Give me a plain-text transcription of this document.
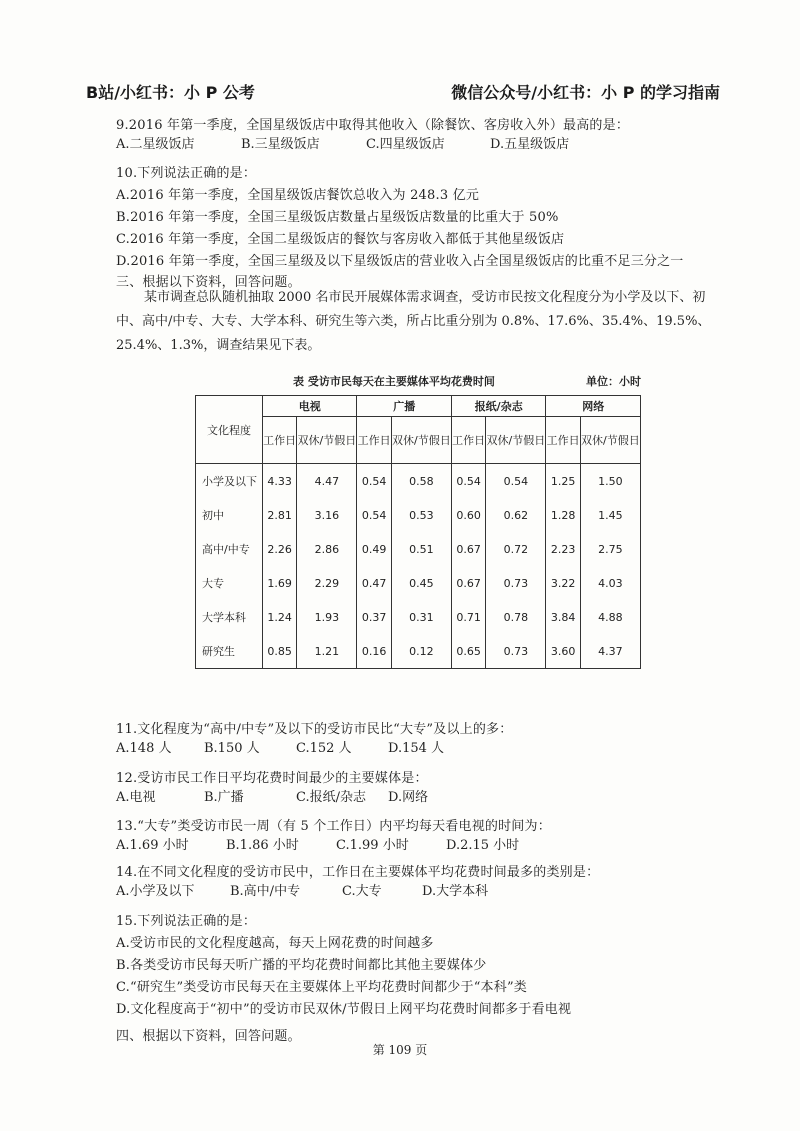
B站/小红书：小 P 公考	微信公众号/小红书：小 P 的学习指南
9.2016 年第一季度，全国星级饭店中取得其他收入（除餐饮、客房收入外）最高的是：
A.二星级饭店	B.三星级饭店	C.四星级饭店	D.五星级饭店
10.下列说法正确的是：
A.2016 年第一季度，全国星级饭店餐饮总收入为 248.3 亿元
B.2016 年第一季度，全国三星级饭店数量占星级饭店数量的比重大于 50%
C.2016 年第一季度，全国二星级饭店的餐饮与客房收入都低于其他星级饭店
D.2016 年第一季度，全国三星级及以下星级饭店的营业收入占全国星级饭店的比重不足三分之一
三、根据以下资料，回答问题。
某市调查总队随机抽取 2000 名市民开展媒体需求调查，受访市民按文化程度分为小学及以下、初中、高中/中专、大专、大学本科、研究生等六类，所占比重分别为 0.8%、17.6%、35.4%、19.5%、25.4%、1.3%，调查结果见下表。
表 受访市民每天在主要媒体平均花费时间	单位：小时
文化程度	电视		广播		报纸/杂志		网络	
	工作日	双休/节假日	工作日	双休/节假日	工作日	双休/节假日	工作日	双休/节假日
小学及以下	4.33	4.47	0.54	0.58	0.54	0.54	1.25	1.50
初中	2.81	3.16	0.54	0.53	0.60	0.62	1.28	1.45
高中/中专	2.26	2.86	0.49	0.51	0.67	0.72	2.23	2.75
大专	1.69	2.29	0.47	0.45	0.67	0.73	3.22	4.03
大学本科	1.24	1.93	0.37	0.31	0.71	0.78	3.84	4.88
研究生	0.85	1.21	0.16	0.12	0.65	0.73	3.60	4.37
11.文化程度为“高中/中专”及以下的受访市民比“大专”及以上的多：
A.148 人	B.150 人	C.152 人	D.154 人
12.受访市民工作日平均花费时间最少的主要媒体是：
A.电视	B.广播	C.报纸/杂志 D.网络
13.“大专”类受访市民一周（有 5 个工作日）内平均每天看电视的时间为：
A.1.69 小时	B.1.86 小时	C.1.99 小时	D.2.15 小时
14.在不同文化程度的受访市民中，工作日在主要媒体平均花费时间最多的类别是：
A.小学及以下	B.高中/中专	C.大专	D.大学本科
15.下列说法正确的是：
A.受访市民的文化程度越高，每天上网花费的时间越多
B.各类受访市民每天听广播的平均花费时间都比其他主要媒体少
C.“研究生”类受访市民每天在主要媒体上平均花费时间都少于“本科”类
D.文化程度高于“初中”的受访市民双休/节假日上网平均花费时间都多于看电视
四、根据以下资料，回答问题。
第 109 页
